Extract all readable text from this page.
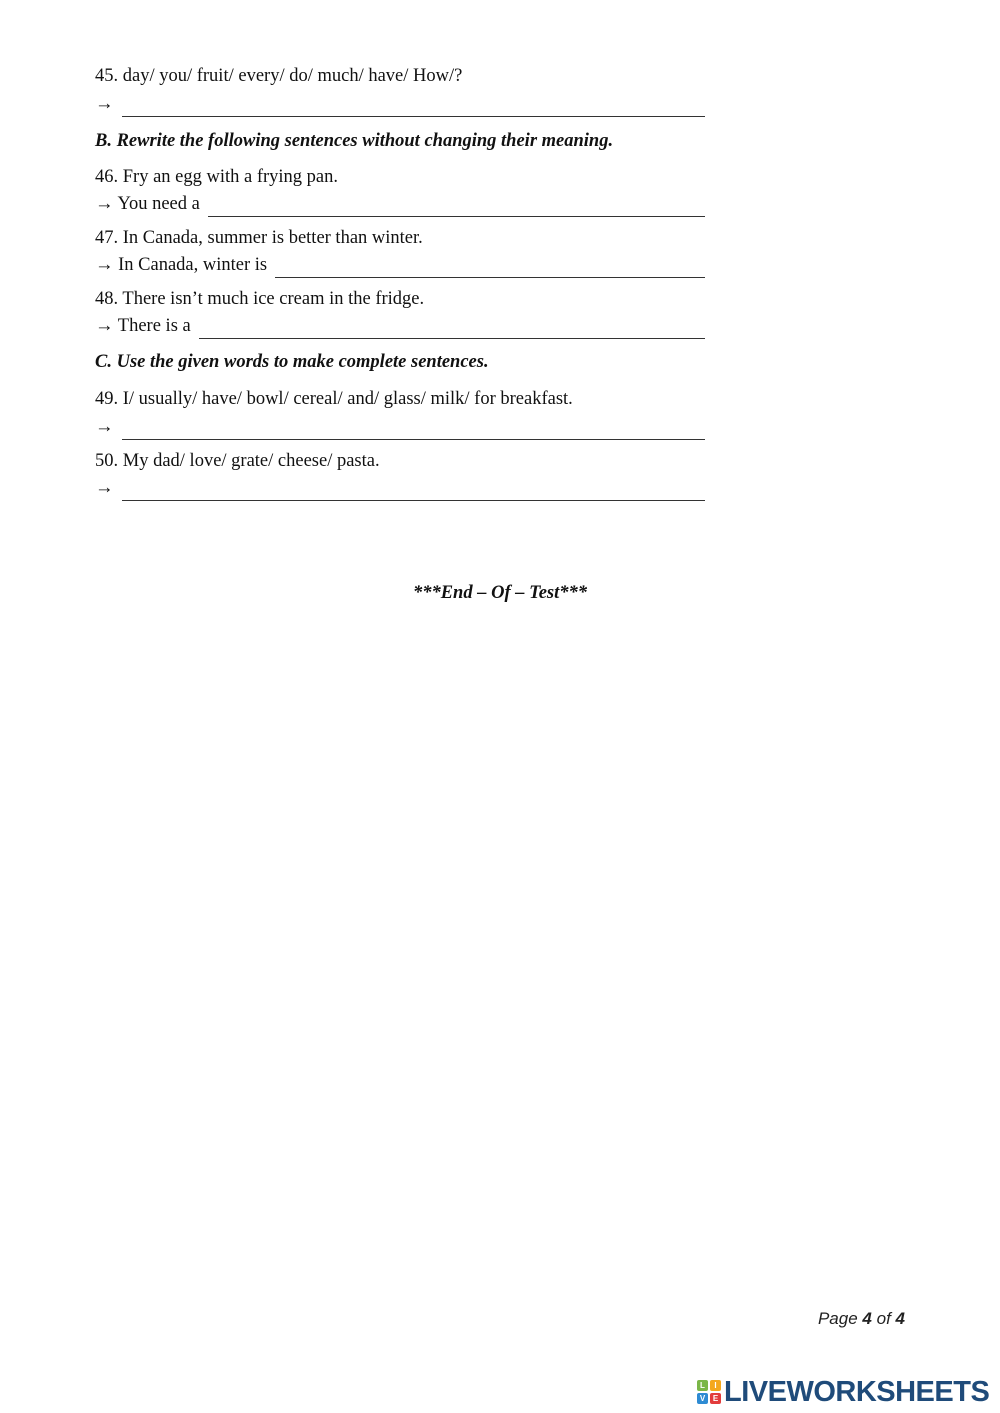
45. day/ you/ fruit/ every/ do/ much/ have/ How/?
→
B. Rewrite the following sentences without changing their meaning.
46. Fry an egg with a frying pan.
→ You need a
47. In Canada, summer is better than winter.
→ In Canada, winter is
48. There isn’t much ice cream in the fridge.
→ There is a
C. Use the given words to make complete sentences.
49. I/ usually/ have/ bowl/ cereal/ and/ glass/ milk/ for breakfast.
→
50. My dad/ love/ grate/ cheese/ pasta.
→
***End – Of – Test***
Page 4 of 4
L	I
V E LIVEWORKSHEETS
